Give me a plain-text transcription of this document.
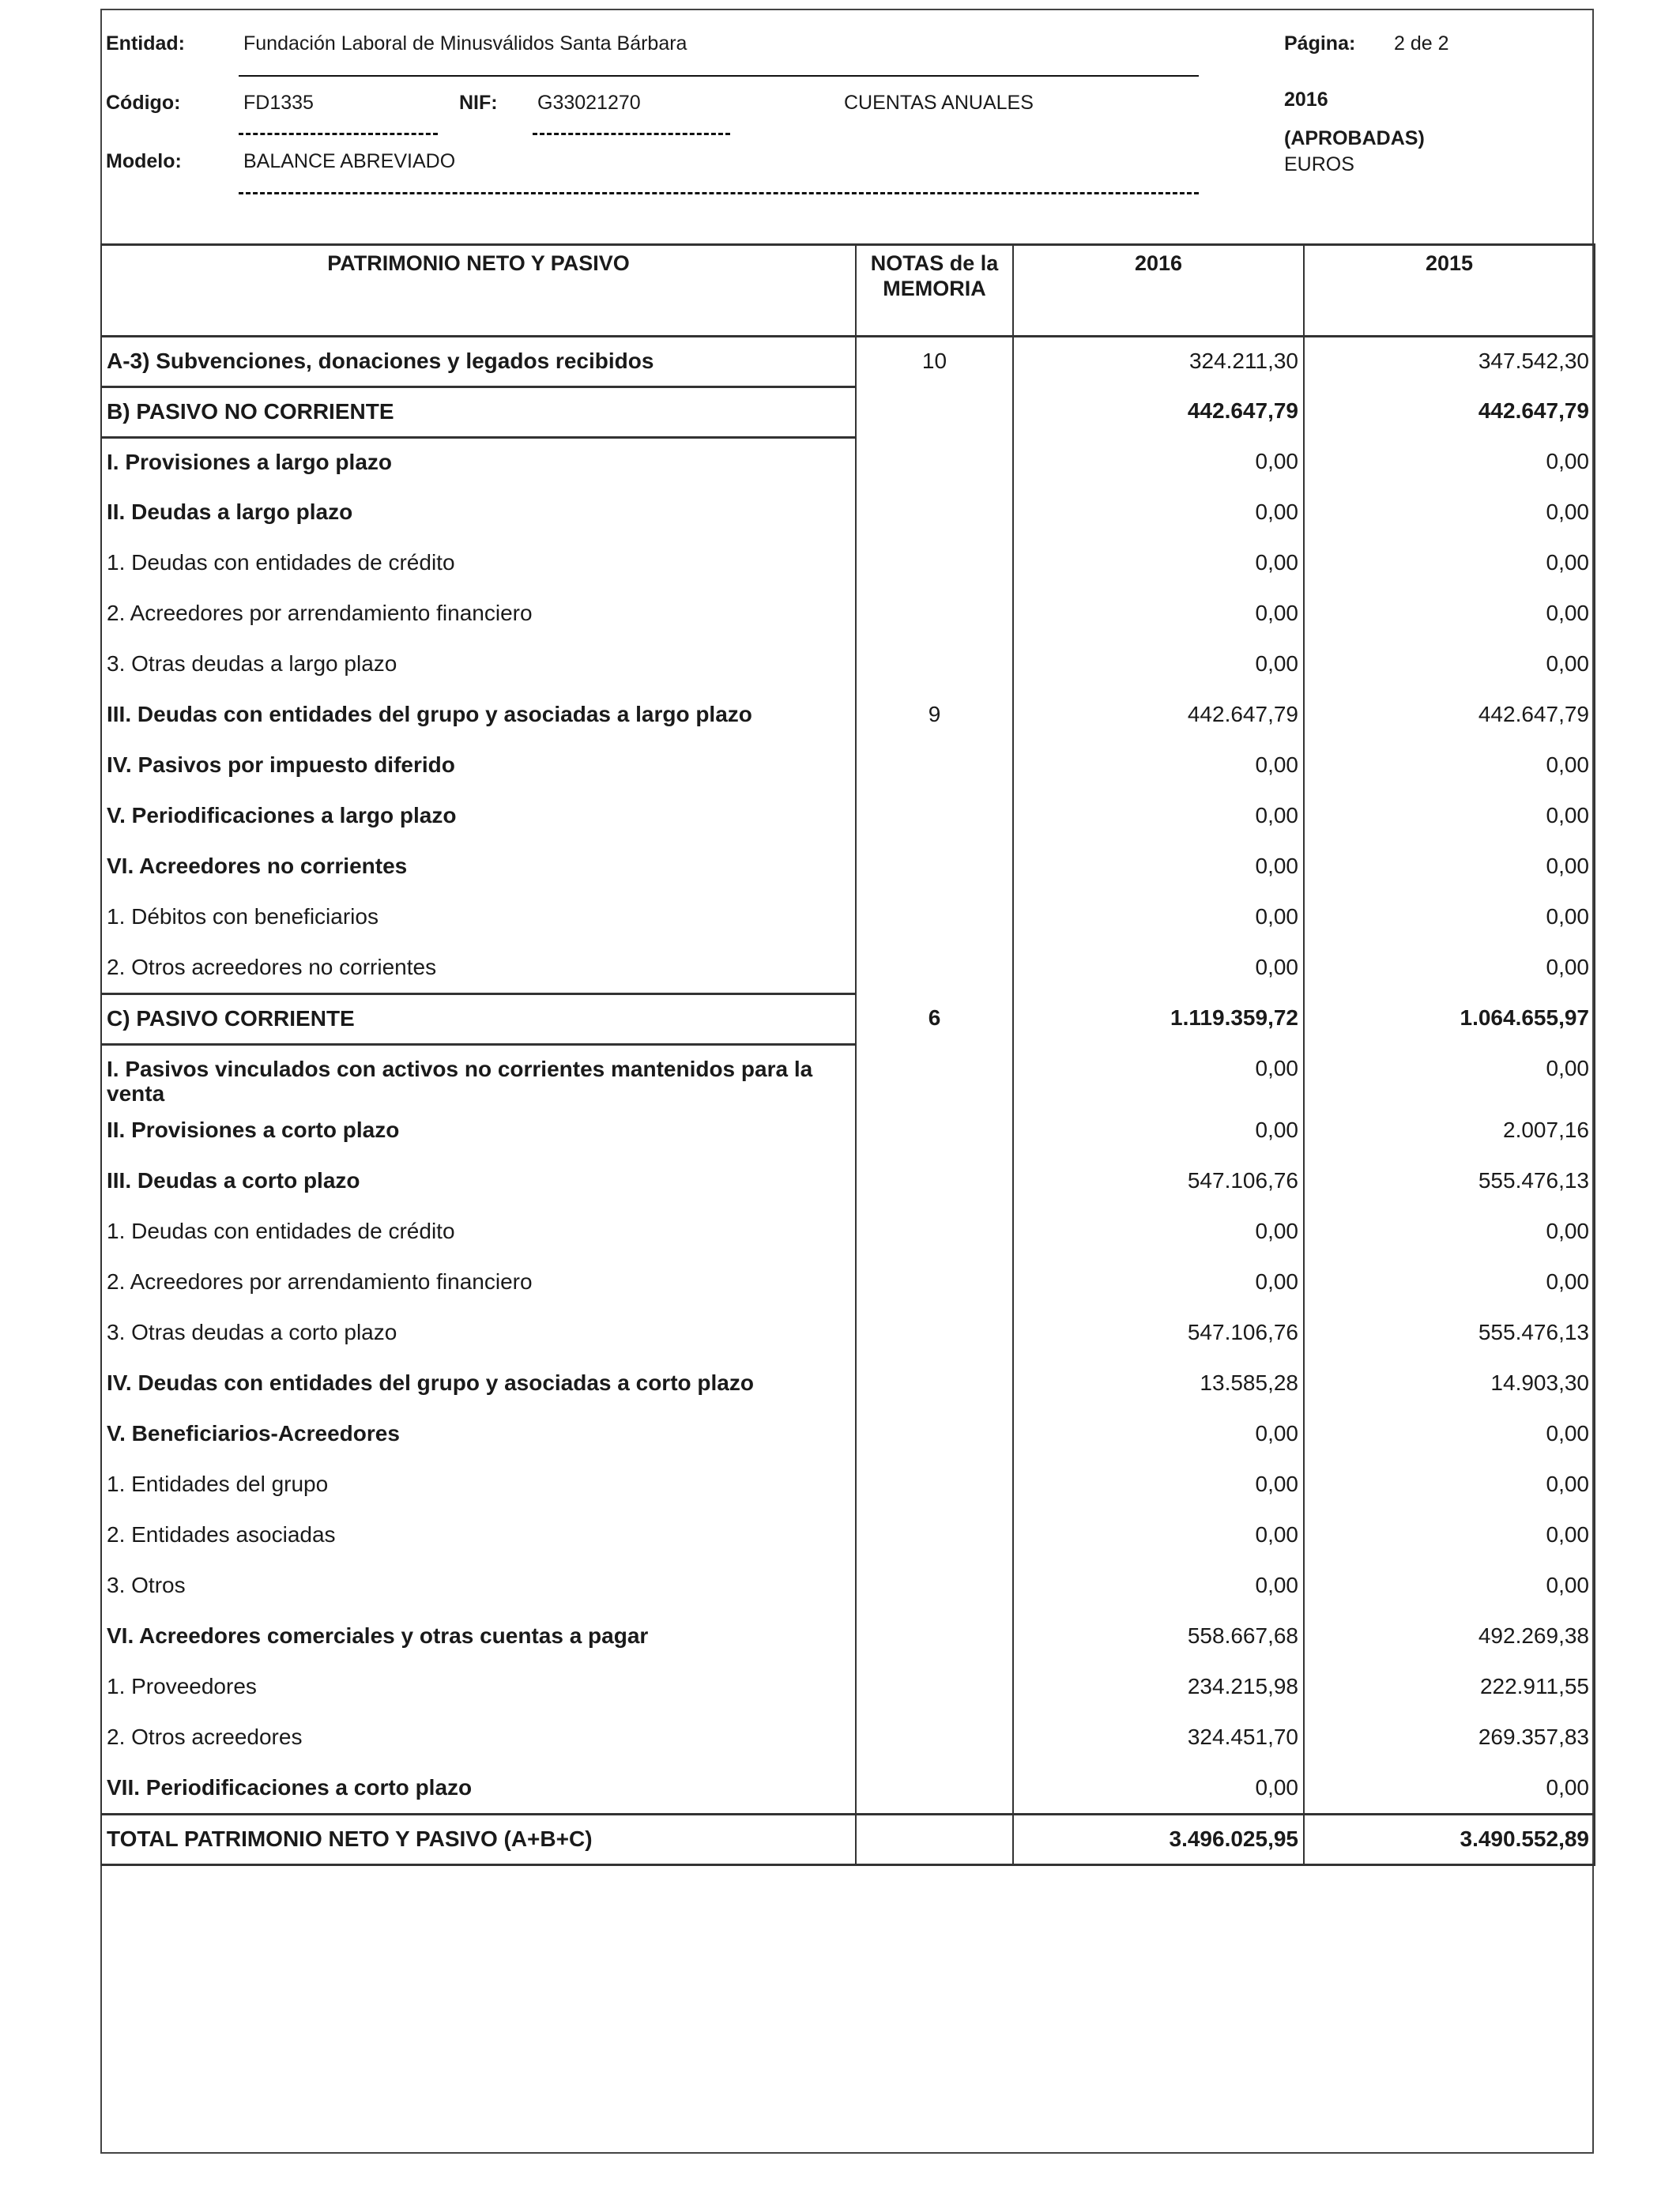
Entidad:	Fundación Laboral de Minusválidos Santa Bárbara	Página: 2 de 2
Código:	FD1335	NIF: G33021270	CUENTAS ANUALES	2016
(APROBADAS)
Modelo:	BALANCE ABREVIADO	EUROS
PATRIMONIO NETO Y PASIVO	NOTAS de la MEMORIA	2016	2015
A-3) Subvenciones, donaciones y legados recibidos	10	324.211,30	347.542,30
B) PASIVO NO CORRIENTE		442.647,79	442.647,79
I. Provisiones a largo plazo		0,00	0,00
II. Deudas a largo plazo		0,00	0,00
1. Deudas con entidades de crédito		0,00	0,00
2. Acreedores por arrendamiento financiero		0,00	0,00
3. Otras deudas a largo plazo		0,00	0,00
III. Deudas con entidades del grupo y asociadas a largo plazo	9	442.647,79	442.647,79
IV. Pasivos por impuesto diferido		0,00	0,00
V. Periodificaciones a largo plazo		0,00	0,00
VI. Acreedores no corrientes		0,00	0,00
1. Débitos con beneficiarios		0,00	0,00
2. Otros acreedores no corrientes		0,00	0,00
C) PASIVO CORRIENTE	6	1.119.359,72	1.064.655,97
I. Pasivos vinculados con activos no corrientes mantenidos para la venta		0,00	0,00
II. Provisiones a corto plazo		0,00	2.007,16
III. Deudas a corto plazo		547.106,76	555.476,13
1. Deudas con entidades de crédito		0,00	0,00
2. Acreedores por arrendamiento financiero		0,00	0,00
3. Otras deudas a corto plazo		547.106,76	555.476,13
IV. Deudas con entidades del grupo y asociadas a corto plazo		13.585,28	14.903,30
V. Beneficiarios-Acreedores		0,00	0,00
1. Entidades del grupo		0,00	0,00
2. Entidades asociadas		0,00	0,00
3. Otros		0,00	0,00
VI. Acreedores comerciales y otras cuentas a pagar		558.667,68	492.269,38
1. Proveedores		234.215,98	222.911,55
2. Otros acreedores		324.451,70	269.357,83
VII. Periodificaciones a corto plazo		0,00	0,00
TOTAL PATRIMONIO NETO Y PASIVO (A+B+C)		3.496.025,95	3.490.552,89
